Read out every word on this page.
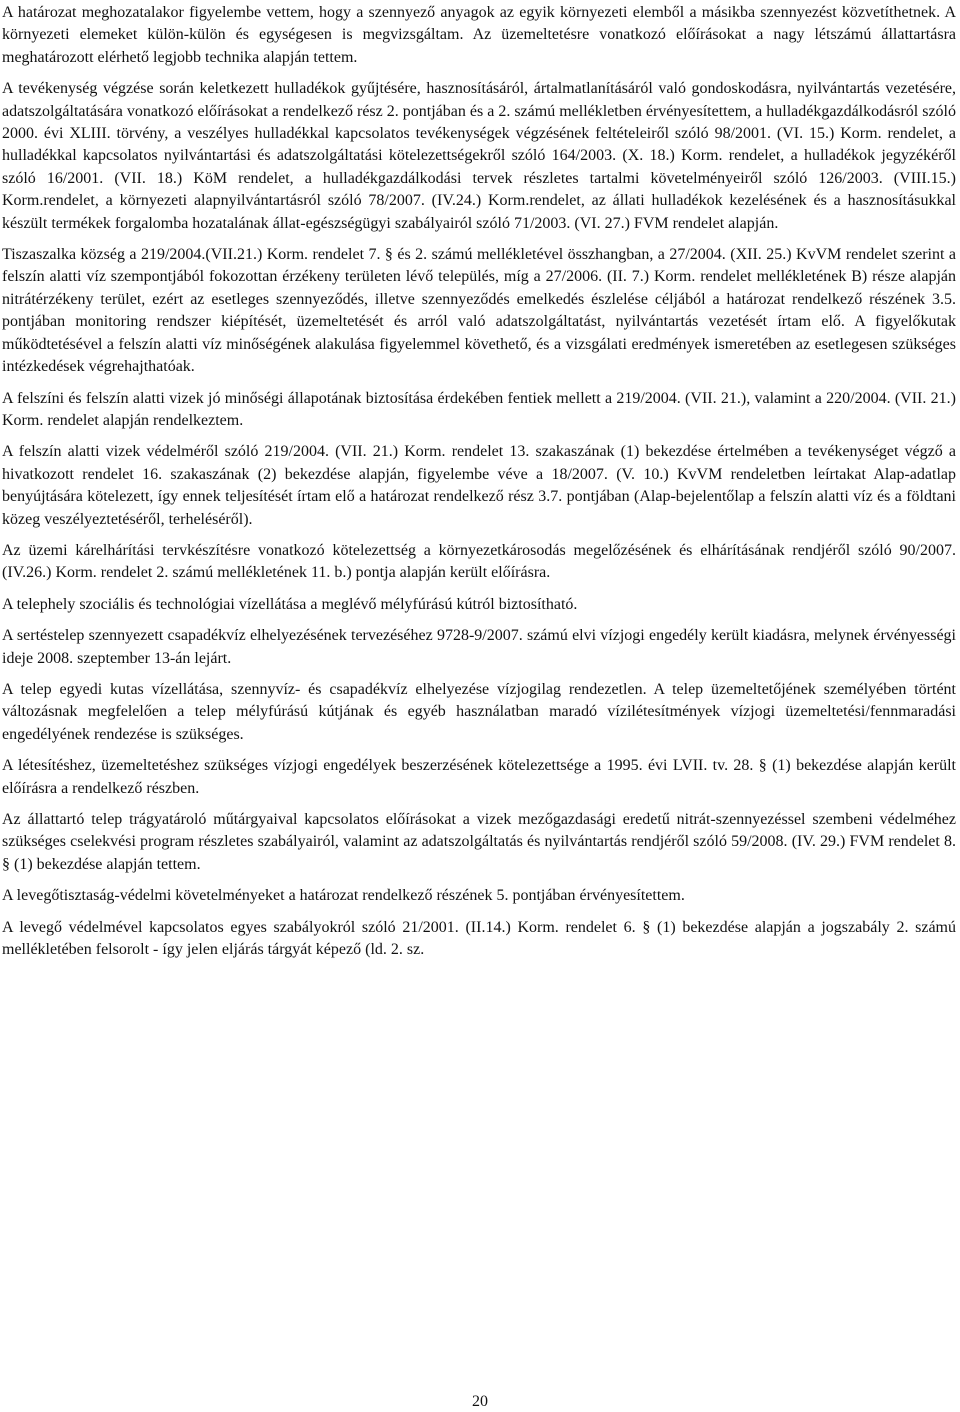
A határozat meghozatalakor figyelembe vettem, hogy a szennyező anyagok az egyik környezeti elemből a másikba szennyezést közvetíthetnek. A környezeti elemeket külön-külön és egységesen is megvizsgáltam. Az üzemeltetésre vonatkozó előírásokat a nagy létszámú állattartásra meghatározott elérhető legjobb technika alapján tettem.

A tevékenység végzése során keletkezett hulladékok gyűjtésére, hasznosításáról, ártalmatlanításáról való gondoskodásra, nyilvántartás vezetésére, adatszolgáltatására vonatkozó előírásokat a rendelkező rész 2. pontjában és a 2. számú mellékletben érvényesítettem, a hulladékgazdálkodásról szóló 2000. évi XLIII. törvény, a veszélyes hulladékkal kapcsolatos tevékenységek végzésének feltételeiről szóló 98/2001. (VI. 15.) Korm. rendelet, a hulladékkal kapcsolatos nyilvántartási és adatszolgáltatási kötelezettségekről szóló 164/2003. (X. 18.) Korm. rendelet, a hulladékok jegyzékéről szóló 16/2001. (VII. 18.) KöM rendelet, a hulladékgazdálkodási tervek részletes tartalmi követelményeiről szóló 126/2003. (VIII.15.) Korm.rendelet, a környezeti alapnyilvántartásról szóló 78/2007. (IV.24.) Korm.rendelet, az állati hulladékok kezelésének és a hasznosításukkal készült termékek forgalomba hozatalának állat-egészségügyi szabályairól szóló 71/2003. (VI. 27.) FVM rendelet alapján.

Tiszaszalka község a 219/2004.(VII.21.) Korm. rendelet 7. § és 2. számú mellékletével összhangban, a 27/2004. (XII. 25.) KvVM rendelet szerint a felszín alatti víz szempontjából fokozottan érzékeny területen lévő település, míg a 27/2006. (II. 7.) Korm. rendelet mellékletének B) része alapján nitrátérzékeny terület, ezért az esetleges szennyeződés, illetve szennyeződés emelkedés észlelése céljából a határozat rendelkező részének 3.5. pontjában monitoring rendszer kiépítését, üzemeltetését és arról való adatszolgáltatást, nyilvántartás vezetését írtam elő. A figyelőkutak működtetésével a felszín alatti víz minőségének alakulása figyelemmel követhető, és a vizsgálati eredmények ismeretében az esetlegesen szükséges intézkedések végrehajthatóak.

A felszíni és felszín alatti vizek jó minőségi állapotának biztosítása érdekében fentiek mellett a 219/2004. (VII. 21.), valamint a 220/2004. (VII. 21.) Korm. rendelet alapján rendelkeztem.

A felszín alatti vizek védelméről szóló 219/2004. (VII. 21.) Korm. rendelet 13. szakaszának (1) bekezdése értelmében a tevékenységet végző a hivatkozott rendelet 16. szakaszának (2) bekezdése alapján, figyelembe véve a 18/2007. (V. 10.) KvVM rendeletben leírtakat Alap-adatlap benyújtására kötelezett, így ennek teljesítését írtam elő a határozat rendelkező rész 3.7. pontjában (Alap-bejelentőlap a felszín alatti víz és a földtani közeg veszélyeztetéséről, terheléséről).

Az üzemi kárelhárítási tervkészítésre vonatkozó kötelezettség a környezetkárosodás megelőzésének és elhárításának rendjéről szóló 90/2007. (IV.26.) Korm. rendelet 2. számú mellékletének 11. b.) pontja alapján került előírásra.

A telephely szociális és technológiai vízellátása a meglévő mélyfúrású kútról biztosítható.

A sertéstelep szennyezett csapadékvíz elhelyezésének tervezéséhez 9728-9/2007. számú elvi vízjogi engedély került kiadásra, melynek érvényességi ideje 2008. szeptember 13-án lejárt.

A telep egyedi kutas vízellátása, szennyvíz- és csapadékvíz elhelyezése vízjogilag rendezetlen. A telep üzemeltetőjének személyében történt változásnak megfelelően a telep mélyfúrású kútjának és egyéb használatban maradó vízilétesítmények vízjogi üzemeltetési/fennmaradási engedélyének rendezése is szükséges.

A létesítéshez, üzemeltetéshez szükséges vízjogi engedélyek beszerzésének kötelezettsége a 1995. évi LVII. tv. 28. § (1) bekezdése alapján került előírásra a rendelkező részben.

Az állattartó telep trágyatároló műtárgyaival kapcsolatos előírásokat a vizek mezőgazdasági eredetű nitrát-szennyezéssel szembeni védelméhez szükséges cselekvési program részletes szabályairól, valamint az adatszolgáltatás és nyilvántartás rendjéről szóló 59/2008. (IV. 29.) FVM rendelet 8. § (1) bekezdése alapján tettem.

A levegőtisztaság-védelmi követelményeket a határozat rendelkező részének 5. pontjában érvényesítettem.

A levegő védelmével kapcsolatos egyes szabályokról szóló 21/2001. (II.14.) Korm. rendelet 6. § (1) bekezdése alapján a jogszabály 2. számú mellékletében felsorolt - így jelen eljárás tárgyát képező (ld. 2. sz.

20
